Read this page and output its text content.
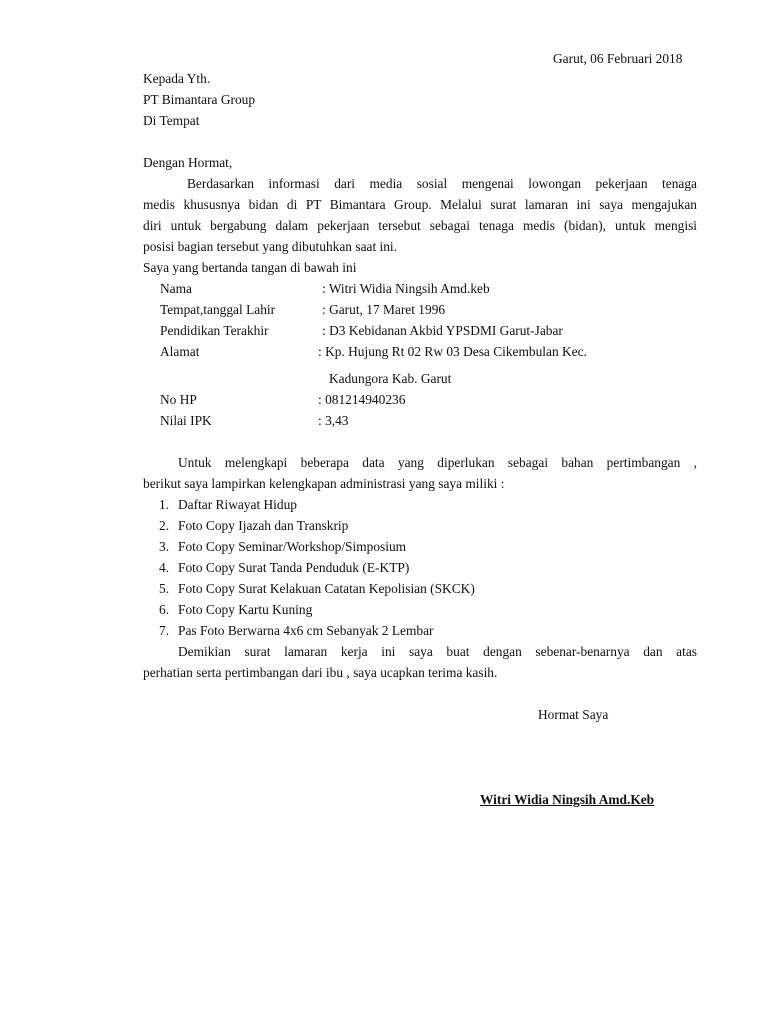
Garut, 06 Februari 2018
Kepada Yth.
PT Bimantara Group
Di Tempat
Dengan Hormat,
Berdasarkan informasi dari media sosial mengenai lowongan pekerjaan tenaga
medis khususnya bidan di PT Bimantara Group. Melalui surat lamaran ini saya mengajukan
diri untuk bergabung dalam pekerjaan tersebut sebagai tenaga medis (bidan), untuk mengisi
posisi bagian tersebut yang dibutuhkan saat ini.
Saya yang bertanda tangan di bawah ini
Nama	: Witri Widia Ningsih Amd.keb
Tempat,tanggal Lahir	: Garut, 17 Maret 1996
Pendidikan Terakhir	: D3 Kebidanan Akbid YPSDMI Garut-Jabar
Alamat	: Kp. Hujung Rt 02 Rw 03 Desa Cikembulan Kec.
Kadungora Kab. Garut
No HP	: 081214940236
Nilai IPK	: 3,43
Untuk melengkapi beberapa data yang diperlukan sebagai bahan pertimbangan ,
berikut saya lampirkan kelengkapan administrasi yang saya miliki :
1. Daftar Riwayat Hidup
2. Foto Copy Ijazah dan Transkrip
3. Foto Copy Seminar/Workshop/Simposium
4. Foto Copy Surat Tanda Penduduk (E-KTP)
5. Foto Copy Surat Kelakuan Catatan Kepolisian (SKCK)
6. Foto Copy Kartu Kuning
7. Pas Foto Berwarna 4x6 cm Sebanyak 2 Lembar
Demikian surat lamaran kerja ini saya buat dengan sebenar-benarnya dan atas
perhatian serta pertimbangan dari ibu , saya ucapkan terima kasih.
Hormat Saya
Witri Widia Ningsih Amd.Keb
